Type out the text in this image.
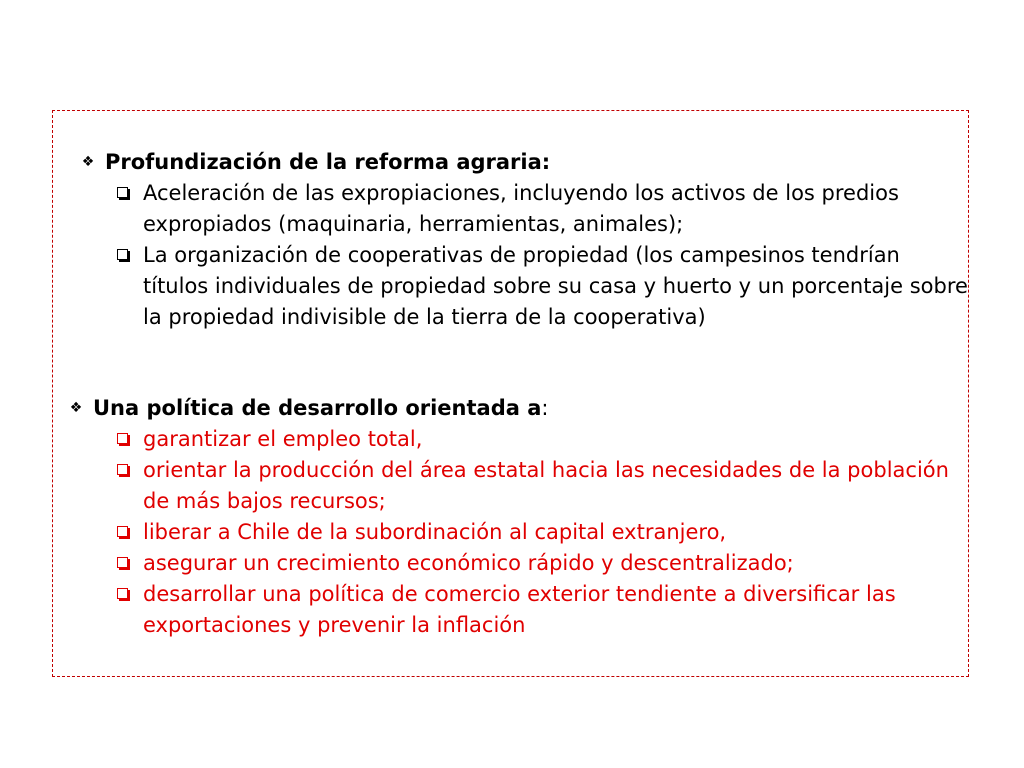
❖ Profundización de la reforma agraria:
Aceleración de las expropiaciones, incluyendo los activos de los predios expropiados (maquinaria, herramientas, animales);
La organización de cooperativas de propiedad (los campesinos tendrían títulos individuales de propiedad sobre su casa y huerto y un porcentaje sobre la propiedad indivisible de la tierra de la cooperativa)
❖ Una política de desarrollo orientada a:
garantizar el empleo total,
orientar la producción del área estatal hacia las necesidades de la población de más bajos recursos;
liberar a Chile de la subordinación al capital extranjero,
asegurar un crecimiento económico rápido y descentralizado;
desarrollar una política de comercio exterior tendiente a diversificar las exportaciones y prevenir la inflación
